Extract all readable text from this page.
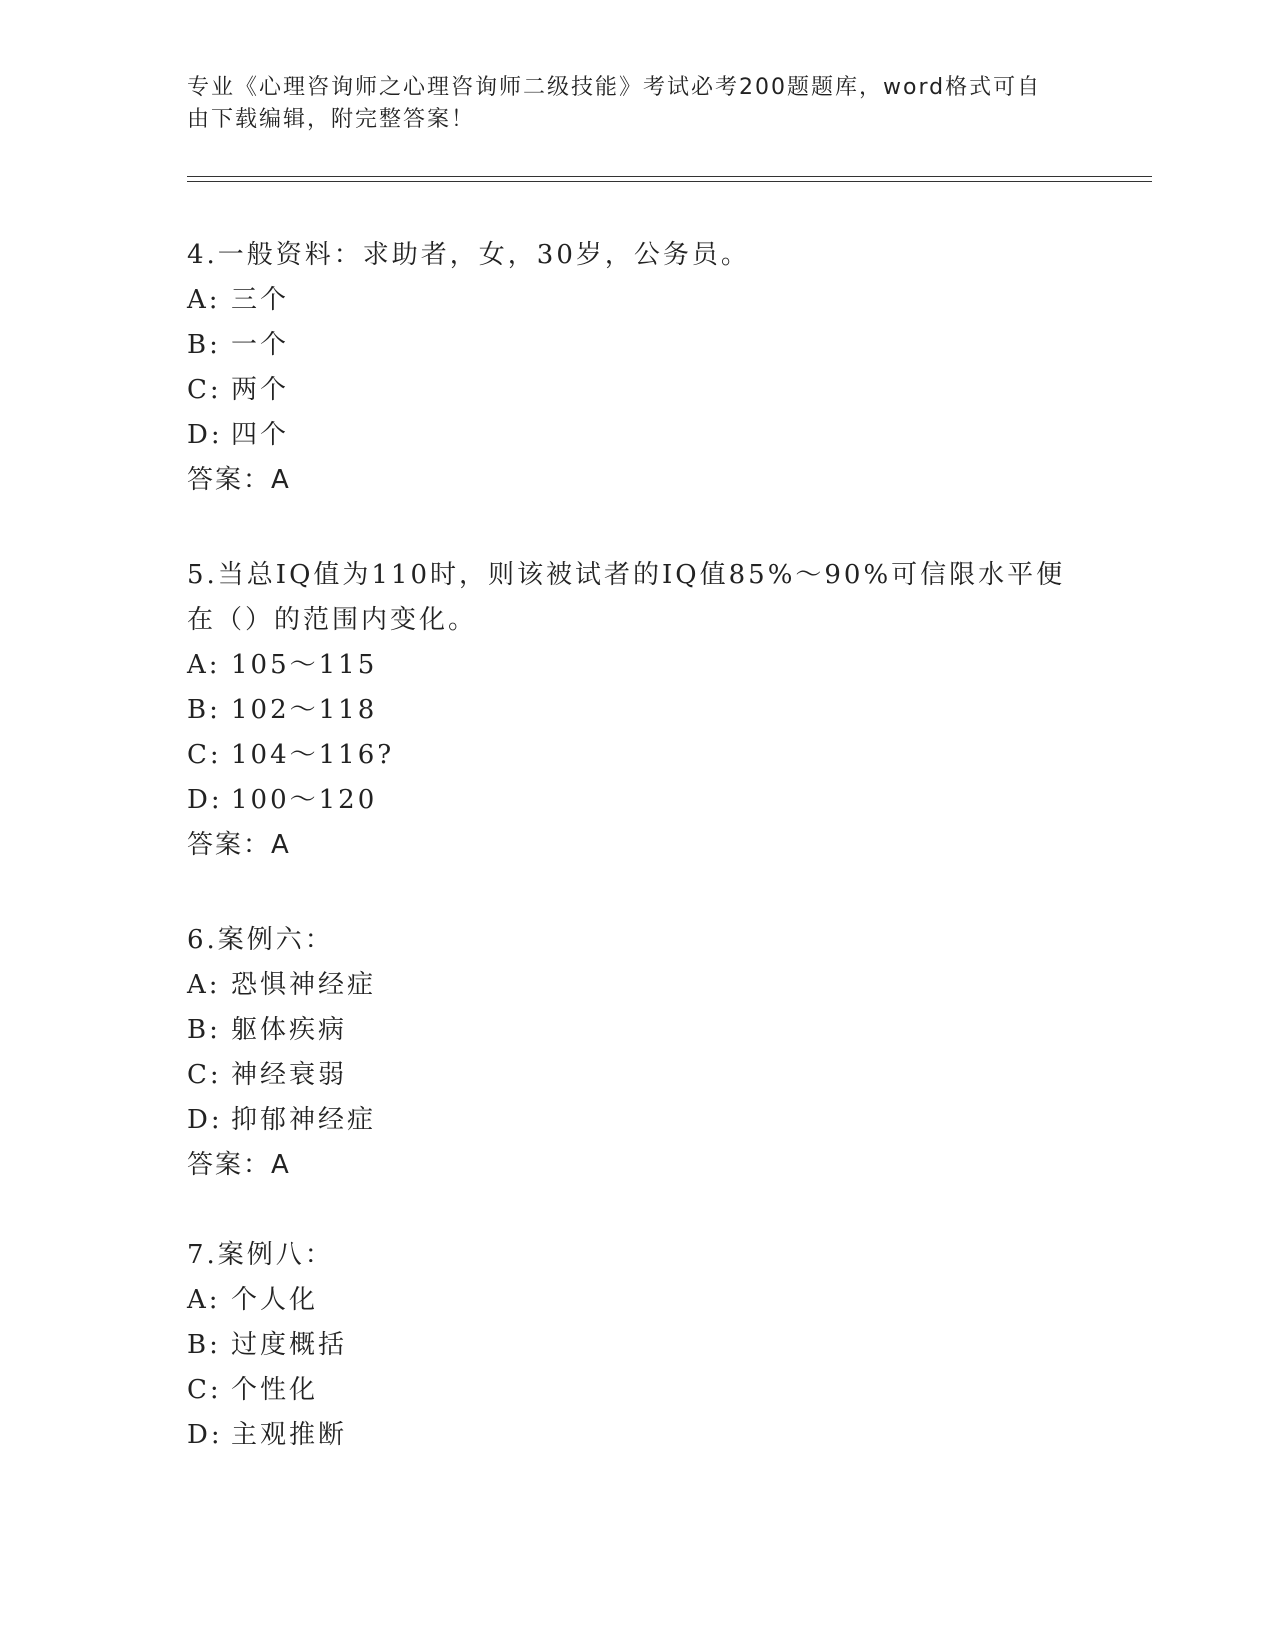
专业《心理咨询师之心理咨询师二级技能》考试必考200题题库，word格式可自
由下载编辑，附完整答案！
4.一般资料：求助者，女，30岁，公务员。
A: 三个
B: 一个
C: 两个
D: 四个
答案：A
5.当总IQ值为110时，则该被试者的IQ值85%～90%可信限水平便在（）的范围内变化。
A: 105～115
B: 102～118
C: 104～116?
D: 100～120
答案：A
6.案例六：
A: 恐惧神经症
B: 躯体疾病
C: 神经衰弱
D: 抑郁神经症
答案：A
7.案例八：
A: 个人化
B: 过度概括
C: 个性化
D: 主观推断
